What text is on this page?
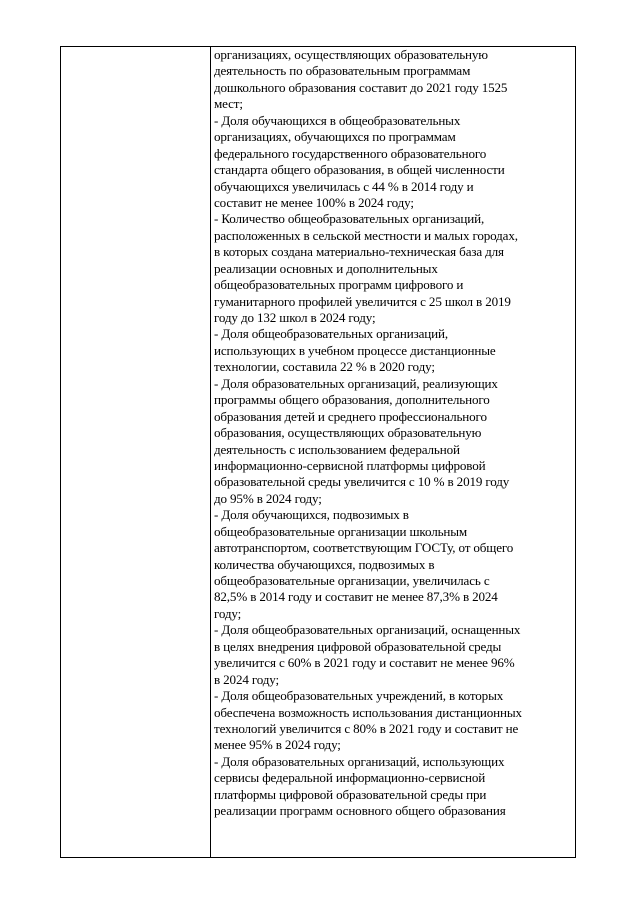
организациях, осуществляющих образовательную
деятельность по образовательным программам
дошкольного образования составит до 2021 году 1525
мест;
- Доля обучающихся в общеобразовательных
организациях, обучающихся по программам
федерального государственного образовательного
стандарта общего образования, в общей численности
обучающихся увеличилась с 44 % в 2014 году и
составит не менее 100% в 2024 году;
- Количество общеобразовательных организаций,
расположенных в сельской местности и малых городах,
в которых создана материально-техническая база для
реализации основных и дополнительных
общеобразовательных программ цифрового и
гуманитарного профилей увеличится с 25 школ в 2019
году до 132 школ в 2024 году;
- Доля общеобразовательных организаций,
использующих в учебном процессе дистанционные
технологии, составила 22 % в 2020 году;
- Доля образовательных организаций, реализующих
программы общего образования, дополнительного
образования детей и среднего профессионального
образования, осуществляющих образовательную
деятельность с использованием федеральной
информационно-сервисной платформы цифровой
образовательной среды увеличится с 10 % в 2019 году
до 95% в 2024 году;
- Доля обучающихся, подвозимых в
общеобразовательные организации школьным
автотранспортом, соответствующим ГОСТу, от общего
количества обучающихся, подвозимых в
общеобразовательные организации, увеличилась с
82,5% в 2014 году и составит не менее 87,3% в 2024
году;
- Доля общеобразовательных организаций, оснащенных
в целях внедрения цифровой образовательной среды
увеличится с 60% в 2021 году и составит не менее 96%
в 2024 году;
- Доля общеобразовательных учреждений, в которых
обеспечена возможность использования дистанционных
технологий увеличится с 80% в 2021 году и составит не
менее 95% в 2024 году;
- Доля образовательных организаций, использующих
сервисы федеральной информационно-сервисной
платформы цифровой образовательной среды при
реализации программ основного общего образования
